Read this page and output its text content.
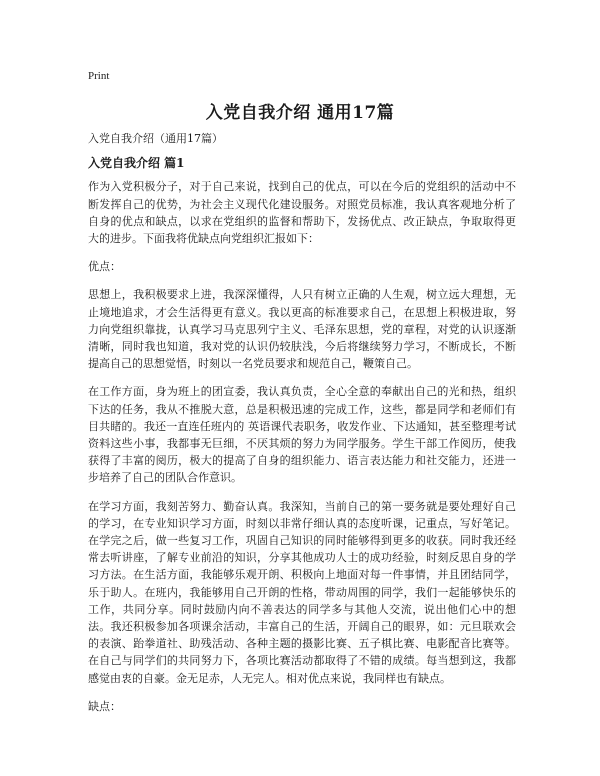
Print
入党自我介绍 通用17篇

入党自我介绍（通用17篇）

入党自我介绍 篇1

作为入党积极分子，对于自己来说，找到自己的优点，可以在今后的党组织的活动中不断发挥自己的优势，为社会主义现代化建设服务。对照党员标准，我认真客观地分析了自身的优点和缺点，以求在党组织的监督和帮助下，发扬优点、改正缺点，争取取得更大的进步。下面我将优缺点向党组织汇报如下：

优点：

思想上，我积极要求上进，我深深懂得，人只有树立正确的人生观，树立远大理想，无止境地追求，才会生活得更有意义。我以更高的标准要求自己，在思想上积极进取，努力向党组织靠拢，认真学习马克思列宁主义、毛泽东思想，党的章程，对党的认识逐渐清晰，同时我也知道，我对党的认识仍较肤浅，今后将继续努力学习，不断成长，不断提高自己的思想觉悟，时刻以一名党员要求和规范自己，鞭策自己。

在工作方面，身为班上的团宣委，我认真负责，全心全意的奉献出自己的光和热，组织下达的任务，我从不推脱大意，总是积极迅速的完成工作，这些，都是同学和老师们有目共睹的。我还一直连任班内的 英语课代表职务，收发作业、下达通知，甚至整理考试资料这些小事，我都事无巨细，不厌其烦的努力为同学服务。学生干部工作阅历，使我获得了丰富的阅历，极大的提高了自身的组织能力、语言表达能力和社交能力，还进一步培养了自己的团队合作意识。

在学习方面，我刻苦努力、勤奋认真。我深知，当前自己的第一要务就是要处理好自己的学习，在专业知识学习方面，时刻以非常仔细认真的态度听课，记重点，写好笔记。在学完之后，做一些复习工作，巩固自己知识的同时能够得到更多的收获。同时我还经常去听讲座，了解专业前沿的知识，分享其他成功人士的成功经验，时刻反思自身的学习方法。在生活方面，我能够乐观开朗、积极向上地面对每一件事情，并且团结同学，乐于助人。在班内，我能够用自己开朗的性格，带动周围的同学，我们一起能够快乐的工作，共同分享。同时鼓励内向不善表达的同学多与其他人交流，说出他们心中的想法。我还积极参加各项课余活动，丰富自己的生活，开阔自己的眼界，如：元旦联欢会的表演、跆拳道社、助残活动、各种主题的摄影比赛、五子棋比赛、电影配音比赛等。在自己与同学们的共同努力下，各项比赛活动都取得了不错的成绩。每当想到这，我都感觉由衷的自豪。金无足赤，人无完人。相对优点来说，我同样也有缺点。

缺点：
